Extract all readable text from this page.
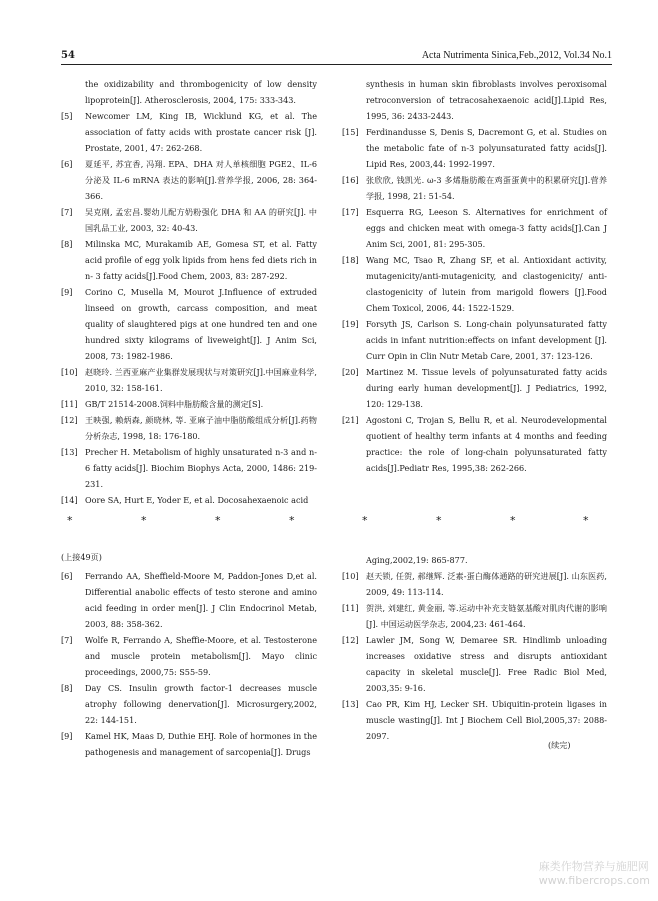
54	Acta Nutrimenta Sinica,Feb.,2012, Vol.34 No.1
the oxidizability and thrombogenicity of low density lipoprotein[J]. Atherosclerosis, 2004, 175: 333-343.
[5]	Newcomer LM, King IB, Wicklund KG, et al. The association of fatty acids with prostate cancer risk [J]. Prostate, 2001, 47: 262-268.
[6]	夏延平, 苏宜香, 冯翔. EPA、DHA 对人单核细胞 PGE2、IL-6 分泌及 IL-6 mRNA 表达的影响[J].营养学报, 2006, 28: 364-366.
[7]	吴克刚, 孟宏昌.婴幼儿配方奶粉强化 DHA 和 AA 的研究[J]. 中国乳品工业, 2003, 32: 40-43.
[8]	Milinska MC, Murakamib AE, Gomesa ST, et al. Fatty acid profile of egg yolk lipids from hens fed diets rich in n- 3 fatty acids[J].Food Chem, 2003, 83: 287-292.
[9]	Corino C, Musella M, Mourot J.Influence of extruded linseed on growth, carcass composition, and meat quality of slaughtered pigs at one hundred ten and one hundred sixty kilograms of liveweight[J]. J Anim Sci, 2008, 73: 1982-1986.
[10] 赵晓玲. 兰西亚麻产业集群发展现状与对策研究[J].中国麻业科学, 2010, 32: 158-161.
[11] GB/T 21514-2008.饲料中脂肪酸含量的测定[S].
[12] 王映强, 赖炳森, 颜晓林, 等. 亚麻子油中脂肪酸组成分析[J].药物分析杂志, 1998, 18: 176-180.
[13] Precher H. Metabolism of highly unsaturated n-3 and n-6 fatty acids[J]. Biochim Biophys Acta, 2000, 1486: 219-231.
[14] Oore SA, Hurt E, Yoder E, et al. Docosahexaenoic acid
synthesis in human skin fibroblasts involves peroxisomal retroconversion of tetracosahexaenoic acid[J].Lipid Res, 1995, 36: 2433-2443.
[15] Ferdinandusse S, Denis S, Dacremont G, et al. Studies on the metabolic fate of n-3 polyunsaturated fatty acids[J]. Lipid Res, 2003,44: 1992-1997.
[16] 张欣欣, 钱凯光. ω-3 多烯脂肪酸在鸡蛋蛋黄中的积累研究[J].营养学报, 1998, 21: 51-54.
[17] Esquerra RG, Leeson S. Alternatives for enrichment of eggs and chicken meat with omega-3 fatty acids[J].Can J Anim Sci, 2001, 81: 295-305.
[18] Wang MC, Tsao R, Zhang SF, et al. Antioxidant activity, mutagenicity/anti-mutagenicity, and clastogenicity/ anti- clastogenicity of lutein from marigold flowers [J].Food Chem Toxicol, 2006, 44: 1522-1529.
[19] Forsyth JS, Carlson S. Long-chain polyunsaturated fatty acids in infant nutrition:effects on infant development [J]. Curr Opin in Clin Nutr Metab Care, 2001, 37: 123-126.
[20] Martinez M. Tissue levels of polyunsaturated fatty acids during early human development[J]. J Pediatrics, 1992, 120: 129-138.
[21] Agostoni C, Trojan S, Bellu R, et al. Neurodevelopmental quotient of healthy term infants at 4 months and feeding practice: the role of long-chain polyunsaturated fatty acids[J].Pediatr Res, 1995,38: 262-266.
*	*	*	*	*	*	*	*
(上接49页)
[6]	Ferrando AA, Sheffield-Moore M, Paddon-Jones D,et al. Differential anabolic effects of testo sterone and amino acid feeding in order men[J]. J Clin Endocrinol Metab, 2003, 88: 358-362.
[7]	Wolfe R, Ferrando A, Sheffie-Moore, et al. Testosterone and muscle protein metabolism[J]. Mayo clinic proceedings, 2000,75: S55-59.
[8]	Day CS. Insulin growth factor-1 decreases muscle atrophy following denervation[J]. Microsurgery,2002, 22: 144-151.
[9]	Kamel HK, Maas D, Duthie EHJ. Role of hormones in the pathogenesis and management of sarcopenia[J]. Drugs
Aging,2002,19: 865-877.
[10] 赵天锁, 任贺, 郝继辉. 泛素-蛋白酶体通路的研究进展[J]. 山东医药, 2009, 49: 113-114.
[11] 贺洪, 刘建红, 黄金丽, 等.运动中补充支链氨基酸对肌肉代谢的影响[J]. 中国运动医学杂志, 2004,23: 461-464.
[12] Lawler JM, Song W, Demaree SR. Hindlimb unloading increases oxidative stress and disrupts antioxidant capacity in skeletal muscle[J]. Free Radic Biol Med, 2003,35: 9-16.
[13] Cao PR, Kim HJ, Lecker SH. Ubiquitin-protein ligases in muscle wasting[J]. Int J Biochem Cell Biol,2005,37: 2088-2097.
(续完)
麻类作物营养与施肥网
www.fibercrops.com
